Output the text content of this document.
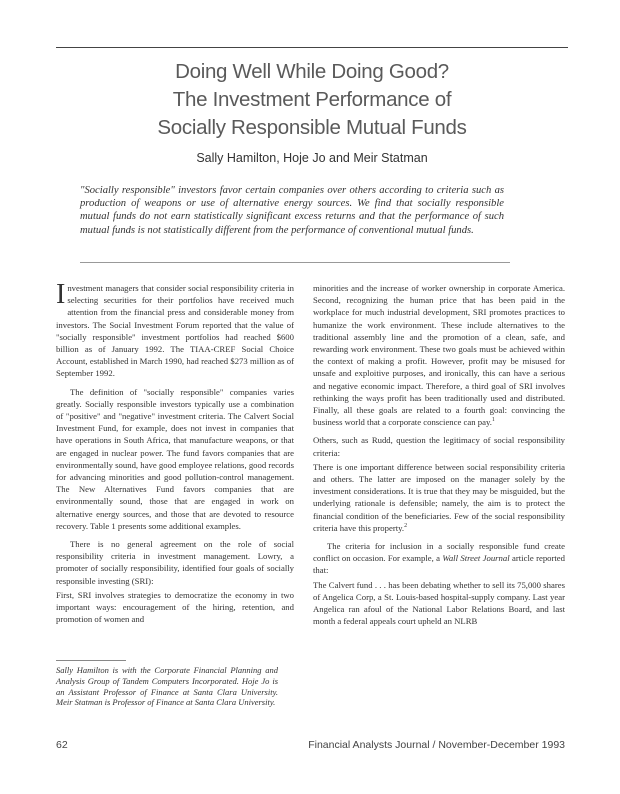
Doing Well While Doing Good?
The Investment Performance of
Socially Responsible Mutual Funds
Sally Hamilton, Hoje Jo and Meir Statman
"Socially responsible" investors favor certain companies over others according to criteria such as production of weapons or use of alternative energy sources. We find that socially responsible mutual funds do not earn statistically significant excess returns and that the performance of such mutual funds is not statistically different from the performance of conventional mutual funds.

Investment managers that consider social responsibility criteria in selecting securities for their portfolios have received much attention from the financial press and considerable money from investors. The Social Investment Forum reported that the value of "socially responsible" investment portfolios had reached $600 billion as of January 1992. The TIAA-CREF Social Choice Account, established in March 1990, had reached $273 million as of September 1992.

The definition of "socially responsible" companies varies greatly. Socially responsible investors typically use a combination of "positive" and "negative" investment criteria. The Calvert Social Investment Fund, for example, does not invest in companies that have operations in South Africa, that manufacture weapons, or that are engaged in nuclear power. The fund favors companies that are environmentally sound, have good employee relations, good records for advancing minorities and good pollution-control management. The New Alternatives Fund favors companies that are environmentally sound, those that are engaged in work on alternative energy sources, and those that are devoted to resource recovery. Table 1 presents some additional examples.

There is no general agreement on the role of social responsibility criteria in investment management. Lowry, a promoter of socially responsibility, identified four goals of socially responsible investing (SRI):

First, SRI involves strategies to democratize the economy in two important ways: encouragement of the hiring, retention, and promotion of women and

minorities and the increase of worker ownership in corporate America. Second, recognizing the human price that has been paid in the workplace for much industrial development, SRI promotes practices to humanize the work environment. These include alternatives to the traditional assembly line and the promotion of a clean, safe, and rewarding work environment. These two goals must be achieved within the context of making a profit. However, profit may be misused for unsafe and exploitive purposes, and ironically, this can have a serious and negative economic impact. Therefore, a third goal of SRI involves rethinking the ways profit has been traditionally used and distributed. Finally, all these goals are related to a fourth goal: convincing the business world that a corporate conscience can pay.$^1$

Others, such as Rudd, question the legitimacy of social responsibility criteria:

There is one important difference between social responsibility criteria and others. The latter are imposed on the manager solely by the investment considerations. It is true that they may be misguided, but the underlying rationale is defensible; namely, the aim is to protect the financial condition of the beneficiaries. Few of the social responsibility criteria have this property.$^2$

The criteria for inclusion in a socially responsible fund create conflict on occasion. For example, a Wall Street Journal article reported that:

The Calvert fund . . . has been debating whether to sell its 75,000 shares of Angelica Corp, a St. Louis-based hospital-supply company. Last year Angelica ran afoul of the National Labor Relations Board, and last month a federal appeals court upheld an NLRB

Sally Hamilton is with the Corporate Financial Planning and Analysis Group of Tandem Computers Incorporated. Hoje Jo is an Assistant Professor of Finance at Santa Clara University. Meir Statman is Professor of Finance at Santa Clara University.
62	Financial Analysts Journal / November-December 1993
